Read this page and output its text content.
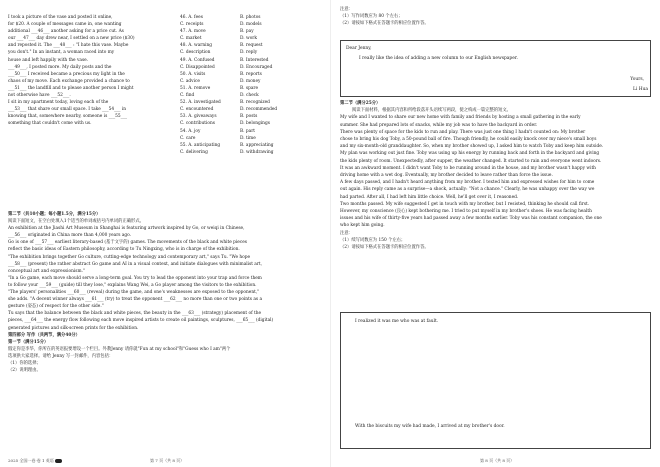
I took a picture of the vase and posted it online,

for $20. A couple of messages came in, one wanting

additional ___46___ another asking for a price cut. As

our ___47___ day drew near, I settled on a new price ($30)

and reposted it. The ___48___ : "I hate this vase. Maybe

you don't." In an instant, a woman raced into my

house and left happily with the vase.

___49___, I posted more. My daily posts and the

___50___ I received became a precious my light in the

chaos of my move. Each exchange provided a chance to

___51___ the landfill and to please another person I might

not otherwise have ___52___.

I sit in my apartment today, loving each of the

___53___ that share our small space. I take ___54___ in

knowing that, somewhere nearby, someone is ___55___

something that couldn't come with us.

46. A. fees	B. photos
C. receipts	D. models
47. A. move	B. pay
C. market	D. work
48. A. warning	B. request
C. description	D. reply
49. A. Confused	B. Interested
C. Disappointed	D. Encouraged
50. A. visits	B. reports
C. advice	D. money
51. A. remove	B. spare
C. find	D. check
52. A. investigated	B. recognized
C. encountered	D. recommended
53. A. giveaways	B. posts
C. contributions	D. belongings
54. A. joy	B. part
C. care	D. time
55. A. anticipating	B. appreciating
C. delivering	D. withdrawing

第二节（共10小题；每小题1.5分，满分15分）

阅读下面短文，在空白处填入1个适当的单词或括号内单词的正确形式。

An exhibition at the Jiashi Art Museum in Shanghai is featuring artwork inspired by Go, or weiqi in Chinese,

___56___ originated in China more than 4,000 years ago.

Go is one of ___57___ earliest literary-based (基于文字的) games. The movements of the black and white pieces

reflect the basic ideas of Eastern philosophy, according to Tu Ningxing, who is in charge of the exhibition.

"The exhibition brings together Go culture, cutting-edge technology and contemporary art," says Tu. "We hope

___58___ (present) the rather abstract Go game and AI in a visual context, and initiate dialogues with minimalist art,

conceptual art and expressionism."

"In a Go game, each move should serve a long-term goal. You try to lead the opponent into your trap and force them

to follow your ___59___ (guide) till they lose," explains Wang Wei, a Go player among the visitors to the exhibition.

"The players' personalities ___60___ (reveal) during the game, and one's weaknesses are exposed to the opponent,"

she adds. "A decent winner always ___61___ (try) to treat the opponent ___62___ no more than one or two points as a

gesture (姿态) of respect for the other side."

Tu says that the balance between the black and white pieces, the beauty in the ___63___ (strategy) placement of the

pieces, ___64___ the energy flow following each move inspired artists to create oil paintings, sculptures, ___65___ (digital)

generated pictures and silk-screen prints for the exhibition.

第四部分 写作（共两节，满分40分）

第一节（满分15分）

假定你是李华，你所在的英语报要增设一个栏目。外教Jenny 请你就"Fun at my school"和"Guess who I am"两个

选项供大家选择。请给 Jenny 写一封邮件，内容包括：

（1）你的选择；

（2）说明理由。

2025 全国一卷·卷 1 英语	第 7 页（共 8 页）

注意：

（1）写作词数应为 80 个左右；

（2）请按如下格式在答题卡的相应位置作答。

Dear Jenny,
I really like the idea of adding a new column to our English newspaper.
Yours,
Li Hua

第二节（满分25分）

阅读下面材料，根据其内容和所给段落开头语续写两段，使之构成一篇完整的短文。

My wife and I wanted to share our new home with family and friends by hosting a small gathering in the early

summer. She had prepared lots of snacks, while my job was to have the backyard in order.

There was plenty of space for the kids to run and play. There was just one thing I hadn't counted on: My brother

chose to bring his dog Toby, a 50-pound ball of fire. Though friendly, he could easily knock over my niece's small boys

and my six-month-old granddaughter. So, when my brother showed up, I asked him to watch Toby and keep him outside.

My plan was working out just fine. Toby was using up his energy by running back and forth in the backyard and giving

the kids plenty of room. Unexpectedly, after supper, the weather changed. It started to rain and everyone went indoors.

It was an awkward moment. I didn't want Toby to be running around in the house, and my brother wasn't happy with

driving home with a wet dog. Eventually, my brother decided to leave rather than force the issue.

A few days passed, and I hadn't heard anything from my brother. I texted him and expressed wishes for him to come

out again. His reply came as a surprise—a shock, actually: "Not a chance." Clearly, he was unhappy over the way we

had parted. After all, I had left him little choice. Well, he'll get over it, I reasoned.

Two months passed. My wife suggested I get in touch with my brother, but I resisted, thinking he should call first.

However, my conscience (良心) kept bothering me. I tried to put myself in my brother's shoes. He was facing health

issues and his wife of thirty-five years had passed away a few months earlier. Toby was his constant companion, the one

who kept him going.

注意：

（1）续写词数应为 150 个左右；

（2）请按如下格式在答题卡的相应位置作答。

I realized it was me who was at fault.
With the biscuits my wife had made, I arrived at my brother's door.
第 8 页（共 8 页）
